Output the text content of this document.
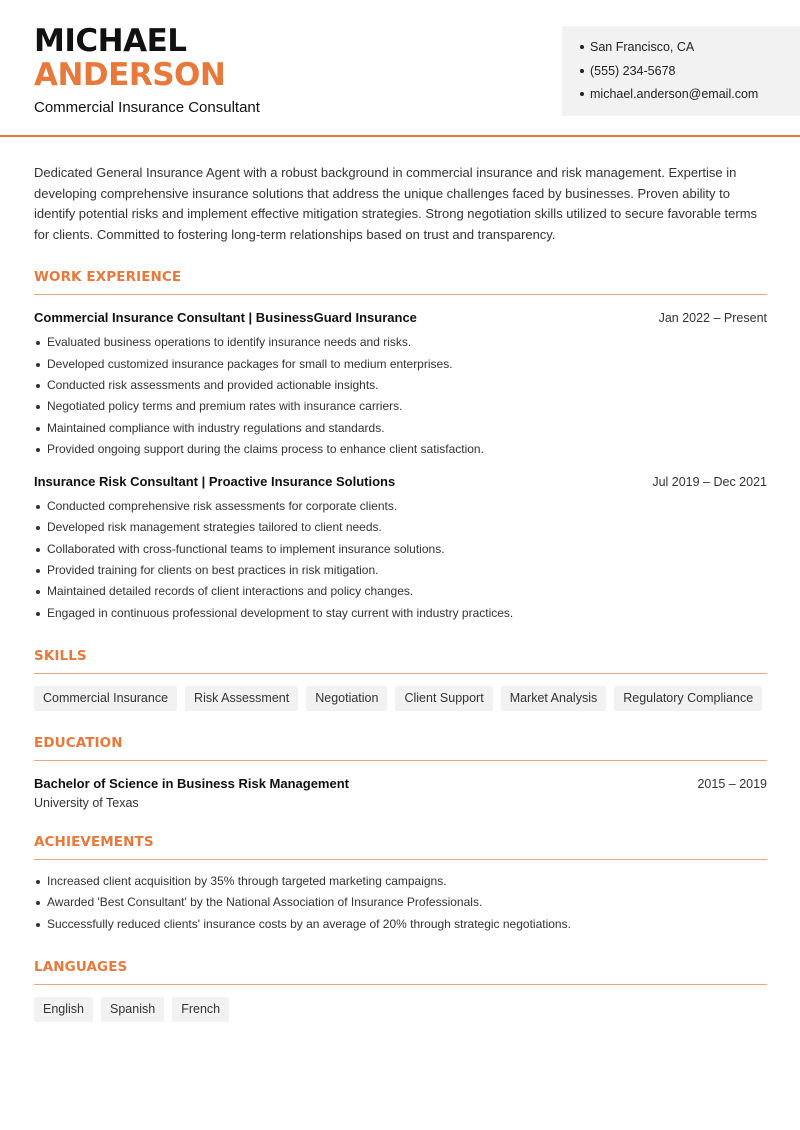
MICHAEL
ANDERSON
Commercial Insurance Consultant
San Francisco, CA
(555) 234-5678
michael.anderson@email.com

Dedicated General Insurance Agent with a robust background in commercial insurance and risk management. Expertise in developing comprehensive insurance solutions that address the unique challenges faced by businesses. Proven ability to identify potential risks and implement effective mitigation strategies. Strong negotiation skills utilized to secure favorable terms for clients. Committed to fostering long-term relationships based on trust and transparency.

WORK EXPERIENCE
Commercial Insurance Consultant | BusinessGuard Insurance	Jan 2022 – Present
Evaluated business operations to identify insurance needs and risks.
Developed customized insurance packages for small to medium enterprises.
Conducted risk assessments and provided actionable insights.
Negotiated policy terms and premium rates with insurance carriers.
Maintained compliance with industry regulations and standards.
Provided ongoing support during the claims process to enhance client satisfaction.
Insurance Risk Consultant | Proactive Insurance Solutions	Jul 2019 – Dec 2021
Conducted comprehensive risk assessments for corporate clients.
Developed risk management strategies tailored to client needs.
Collaborated with cross-functional teams to implement insurance solutions.
Provided training for clients on best practices in risk mitigation.
Maintained detailed records of client interactions and policy changes.
Engaged in continuous professional development to stay current with industry practices.
SKILLS
Commercial Insurance	Risk Assessment	Negotiation	Client Support	Market Analysis	Regulatory Compliance
EDUCATION
Bachelor of Science in Business Risk Management	2015 – 2019
University of Texas
ACHIEVEMENTS
Increased client acquisition by 35% through targeted marketing campaigns.
Awarded 'Best Consultant' by the National Association of Insurance Professionals.
Successfully reduced clients' insurance costs by an average of 20% through strategic negotiations.
LANGUAGES
English	Spanish	French
